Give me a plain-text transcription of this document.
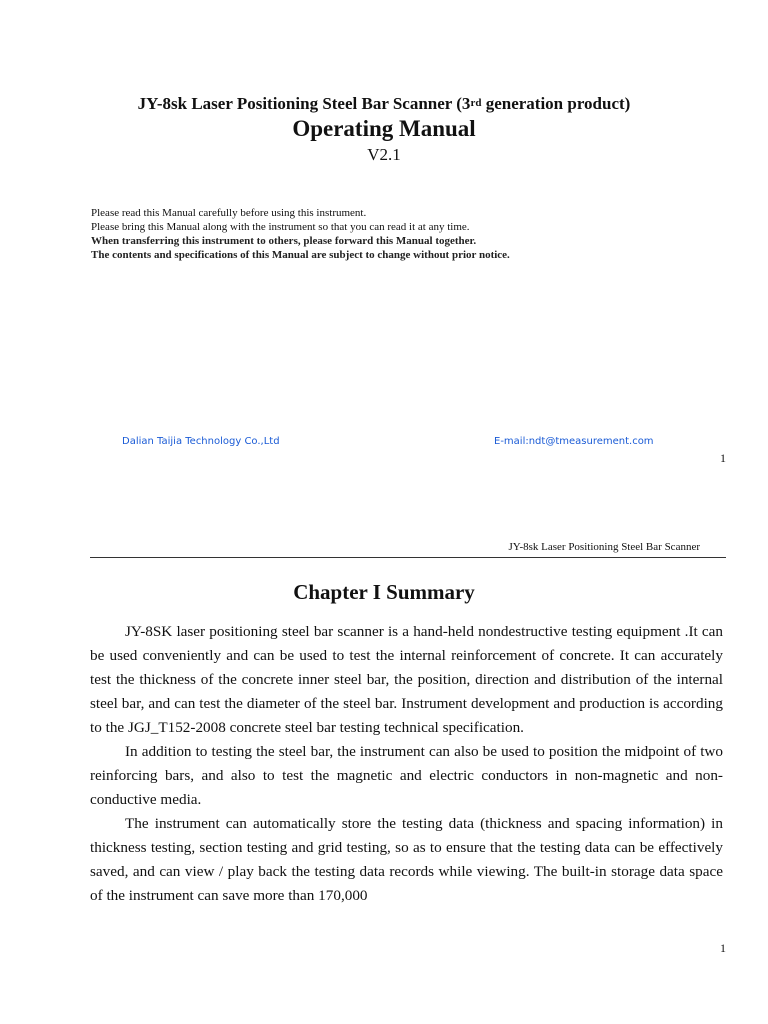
JY-8sk Laser Positioning Steel Bar Scanner (3rd generation product)
Operating Manual
V2.1
Please read this Manual carefully before using this instrument.
Please bring this Manual along with the instrument so that you can read it at any time.
When transferring this instrument to others, please forward this Manual together.
The contents and specifications of this Manual are subject to change without prior notice.
Dalian Taijia Technology Co.,Ltd	E-mail:ndt@tmeasurement.com
1
JY-8sk Laser Positioning Steel Bar Scanner
Chapter I Summary

JY-8SK laser positioning steel bar scanner is a hand-held nondestructive testing equipment .It can be used conveniently and can be used to test the internal reinforcement of concrete. It can accurately test the thickness of the concrete inner steel bar, the position, direction and distribution of the internal steel bar, and can test the diameter of the steel bar. Instrument development and production is according to the JGJ_T152-2008 concrete steel bar testing technical specification.

In addition to testing the steel bar, the instrument can also be used to position the midpoint of two reinforcing bars, and also to test the magnetic and electric conductors in non-magnetic and non-conductive media.

The instrument can automatically store the testing data (thickness and spacing information) in thickness testing, section testing and grid testing, so as to ensure that the testing data can be effectively saved, and can view / play back the testing data records while viewing. The built-in storage data space of the instrument can save more than 170,000

1
